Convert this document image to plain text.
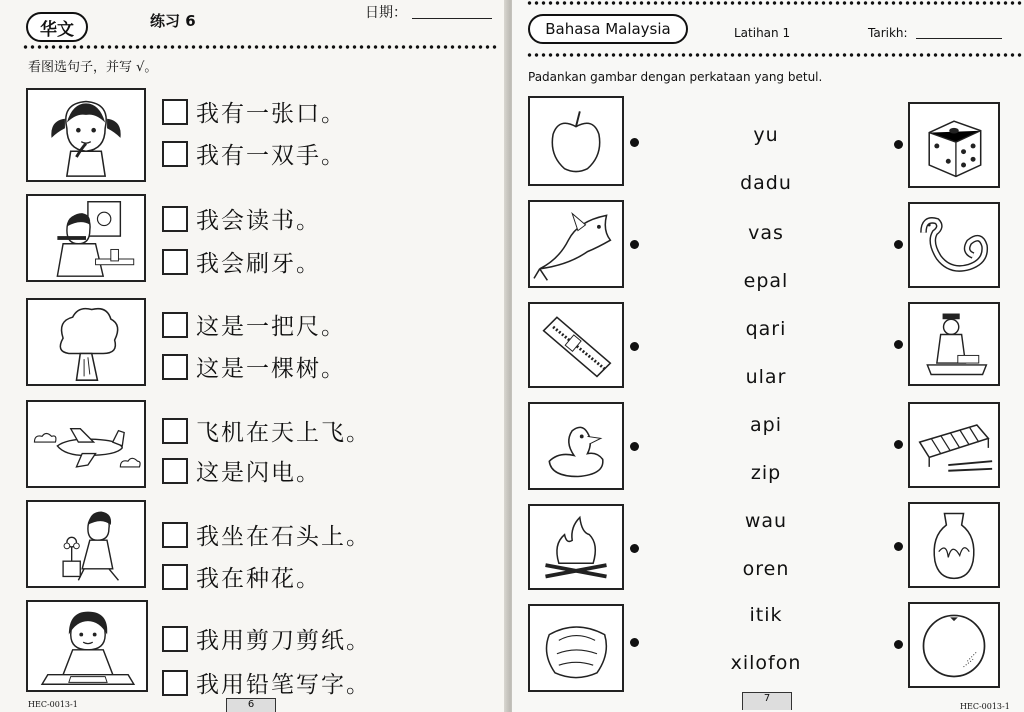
华文	练习 6	日期：
看图选句子，并写 √。
我有一张口。
我有一双手。
我会读书。
我会刷牙。
这是一把尺。
这是一棵树。
飞机在天上飞。
这是闪电。
我坐在石头上。
我在种花。
我用剪刀剪纸。
我用铅笔写字。
HEC-0013-1	6
Bahasa Malaysia	Latihan 1	Tarikh:
Padankan gambar dengan perkataan yang betul.
yu
dadu
vas
epal
qari
ular
api
zip
wau
oren
itik
xilofon
7
HEC-0013-1
